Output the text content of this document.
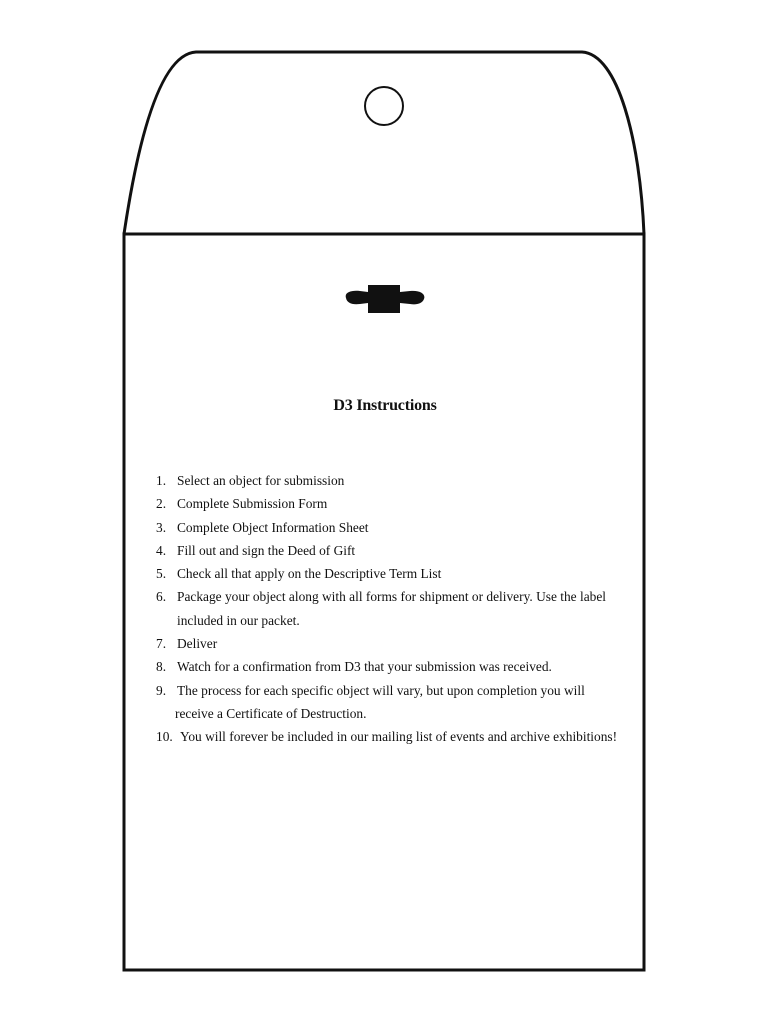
D3 Instructions
1. Select an object for submission
2. Complete Submission Form
3. Complete Object Information Sheet
4. Fill out and sign the Deed of Gift
5. Check all that apply on the Descriptive Term List
6. Package your object along with all forms for shipment or delivery. Use the label
included in our packet.
7. Deliver
8. Watch for a confirmation from D3 that your submission was received.
9. The process for each specific object will vary, but upon completion you will
receive a Certificate of Destruction.
10. You will forever be included in our mailing list of events and archive exhibitions!
